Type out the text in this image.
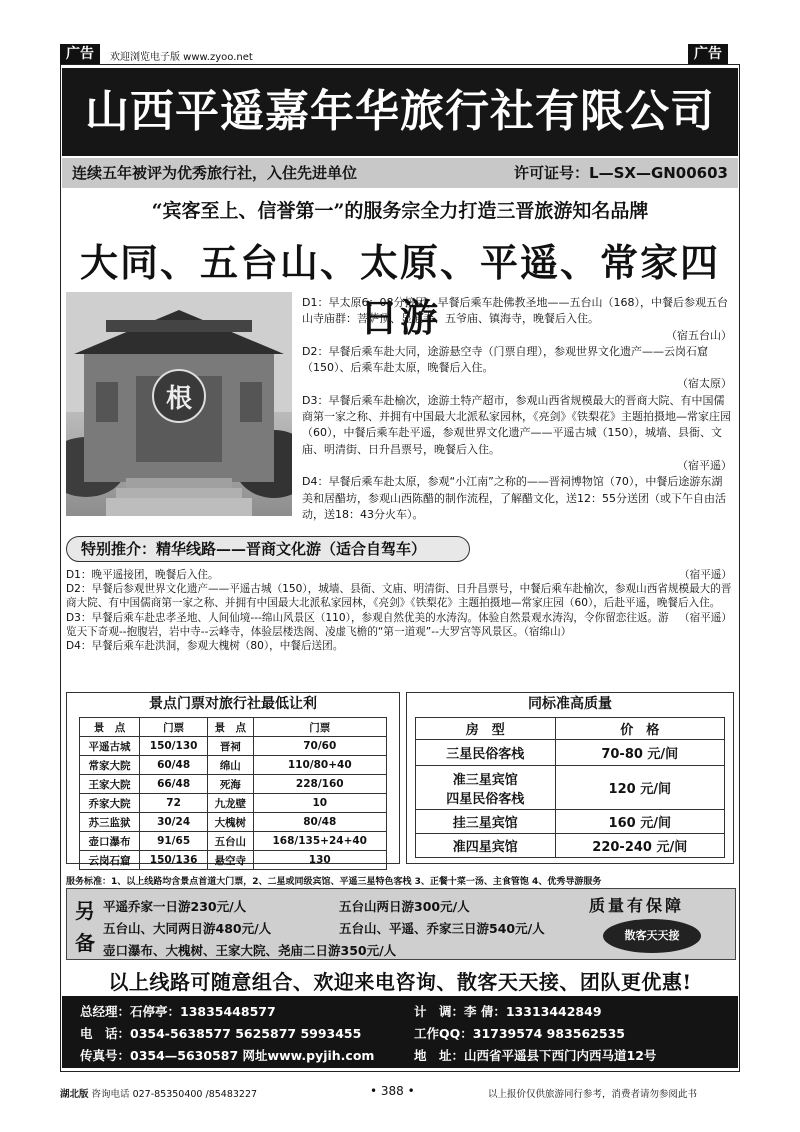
广告	欢迎浏览电子版 www.zyoo.net	广告
山西平遥嘉年华旅行社有限公司
连续五年被评为优秀旅行社，入住先进单位	许可证号：L—SX—GN00603
“宾客至上、信誉第一”的服务宗全力打造三晋旅游知名品牌
大同、五台山、太原、平遥、常家四日游
根

D1：早太原6：08分接团，早餐后乘车赴佛教圣地——五台山（168），中餐后参观五台山寺庙群：菩萨顶、显通寺、五爷庙、镇海寺，晚餐后入住。

（宿五台山）

D2：早餐后乘车赴大同，途游悬空寺（门票自理），参观世界文化遗产——云岗石窟（150）、后乘车赴太原，晚餐后入住。

（宿太原）

D3：早餐后乘车赴榆次，途游土特产超市，参观山西省规模最大的晋商大院、有中国儒商第一家之称、并拥有中国最大北派私家园林，《亮剑》《铁梨花》主题拍摄地—常家庄园（60），中餐后乘车赴平遥，参观世界文化遗产——平遥古城（150），城墙、县衙、文庙、明清街、日升昌票号，晚餐后入住。

（宿平遥）

D4：早餐后乘车赴太原，参观“小江南”之称的——晋祠博物馆（70），中餐后途游东湖美和居醋坊，参观山西陈醋的制作流程，了解醋文化，送12：55分送团（或下午自由活动，送18：43分火车）。

特别推介：精华线路——晋商文化游（适合自驾车）

D1：晚平遥接团，晚餐后入住。	（宿平遥）

D2：早餐后参观世界文化遗产——平遥古城（150），城墙、县衙、文庙、明清街、日升昌票号，中餐后乘车赴榆次，参观山西省规模最大的晋商大院、有中国儒商第一家之称、并拥有中国最大北派私家园林，《亮剑》《铁梨花》主题拍摄地—常家庄园（60），后赴平遥，晚餐后入住。
（宿平遥）

D3：早餐后乘车赴忠孝圣地、人间仙境---绵山风景区（110），参观自然优美的水涛沟。体验自然景观水涛沟，令你留恋往返。游览天下奇观--抱腹岩，岩中寺--云峰寺，体验层楼迭阁、凌虚飞檐的“第一道观”--大罗宫等风景区。（宿绵山）

D4：早餐后乘车赴洪洞，参观大槐树（80），中餐后送团。

景点门票对旅行社最低让利
景　点	门票	景　点	门票
平遥古城	150/130	晋祠	70/60
常家大院	60/48	绵山	110/80+40
王家大院	66/48	死海	228/160
乔家大院	72	九龙壁	10
苏三监狱	30/24	大槐树	80/48
壶口瀑布	91/65	五台山	168/135+24+40
云岗石窟	150/136	悬空寺	130
同标准高质量
房　型	价　格
三星民俗客栈	70-80 元/间
准三星宾馆
四星民俗客栈	120 元/间
挂三星宾馆	160 元/间
准四星宾馆	220-240 元/间
服务标准：1、以上线路均含景点首道大门票，2、二星或同级宾馆、平遥三星特色客栈 3、正餐十菜一汤、主食管饱 4、优秀导游服务
另
备
平遥乔家一日游230元/人	五台山两日游300元/人
五台山、大同两日游480元/人	五台山、平遥、乔家三日游540元/人
壶口瀑布、大槐树、王家大院、尧庙二日游350元/人
质量有保障
散客天天接
以上线路可随意组合、欢迎来电咨询、散客天天接、团队更优惠!
总经理：石停亭：13835448577	计　调：李 倩：13313442849
电　话：0354-5638577 5625877 5993455	工作QQ：31739574 983562535
传真号：0354—5630587 网址www.pyjih.com	地　址：山西省平遥县下西门内西马道12号
湖北版 咨询电话 027-85350400 /85483227	• 388 •	以上报价仅供旅游同行参考，消费者请勿参阅此书
